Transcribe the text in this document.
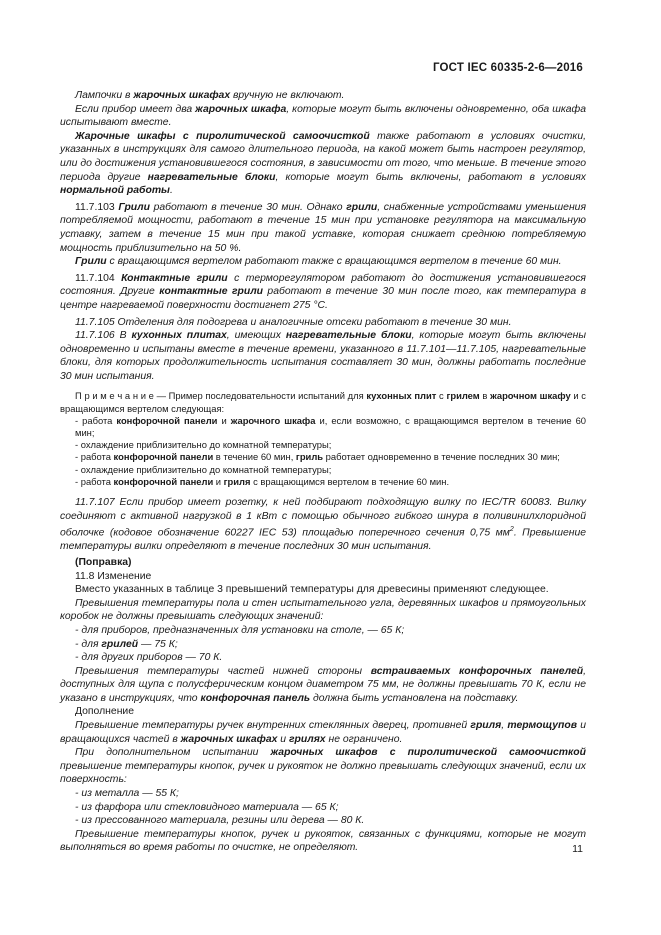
ГОСТ IEC 60335-2-6—2016

Лампочки в жарочных шкафах вручную не включают.

Если прибор имеет два жарочных шкафа, которые могут быть включены одновременно, оба шкафа испытывают вместе.

Жарочные шкафы с пиролитической самоочисткой также работают в условиях очистки, указанных в инструкциях для самого длительного периода, на какой может быть настроен регулятор, или до достижения установившегося состояния, в зависимости от того, что меньше. В течение этого периода другие нагревательные блоки, которые могут быть включены, работают в условиях нормальной работы.

11.7.103 Грили работают в течение 30 мин. Однако грили, снабженные устройствами уменьшения потребляемой мощности, работают в течение 15 мин при установке регулятора на максимальную уставку, затем в течение 15 мин при такой уставке, которая снижает среднюю потребляемую мощность приблизительно на 50 %.

Грили с вращающимся вертелом работают также с вращающимся вертелом в течение 60 мин.

11.7.104 Контактные грили с терморегулятором работают до достижения установившегося состояния. Другие контактные грили работают в течение 30 мин после того, как температура в центре нагреваемой поверхности достигнет 275 °С.

11.7.105 Отделения для подогрева и аналогичные отсеки работают в течение 30 мин.

11.7.106 В кухонных плитах, имеющих нагревательные блоки, которые могут быть включены одновременно и испытаны вместе в течение времени, указанного в 11.7.101—11.7.105, нагревательные блоки, для которых продолжительность испытания составляет 30 мин, должны работать последние 30 мин испытания.

П р и м е ч а н и е — Пример последовательности испытаний для кухонных плит с грилем в жарочном шкафу и с вращающимся вертелом следующая:

- работа конфорочной панели и жарочного шкафа и, если возможно, с вращающимся вертелом в течение 60 мин;

- охлаждение приблизительно до комнатной температуры;

- работа конфорочной панели в течение 60 мин, гриль работает одновременно в течение последних 30 мин;

- охлаждение приблизительно до комнатной температуры;

- работа конфорочной панели и гриля с вращающимся вертелом в течение 60 мин.

11.7.107 Если прибор имеет розетку, к ней подбирают подходящую вилку по IEC/TR 60083. Вилку соединяют с активной нагрузкой в 1 кВт с помощью обычного гибкого шнура в поливинилхлоридной оболочке (кодовое обозначение 60227 IEC 53) площадью поперечного сечения 0,75 $мм^2$. Превышение температуры вилки определяют в течение последних 30 мин испытания.

(Поправка)

11.8 Изменение

Вместо указанных в таблице 3 превышений температуры для древесины применяют следующее.

Превышения температуры пола и стен испытательного угла, деревянных шкафов и прямоугольных коробок не должны превышать следующих значений:

- для приборов, предназначенных для установки на столе, — 65 К;

- для грилей — 75 К;

- для других приборов — 70 К.

Превышения температуры частей нижней стороны встраиваемых конфорочных панелей, доступных для щупа с полусферическим концом диаметром 75 мм, не должны превышать 70 К, если не указано в инструкциях, что конфорочная панель должна быть установлена на подставку.

Дополнение

Превышение температуры ручек внутренних стеклянных дверец, противней гриля, термощупов и вращающихся частей в жарочных шкафах и грилях не ограничено.

При дополнительном испытании жарочных шкафов с пиролитической самоочисткой превышение температуры кнопок, ручек и рукояток не должно превышать следующих значений, если их поверхность:

- из металла — 55 К;

- из фарфора или стекловидного материала — 65 К;

- из прессованного материала, резины или дерева — 80 К.

Превышение температуры кнопок, ручек и рукояток, связанных с функциями, которые не могут выполняться во время работы по очистке, не определяют.	11
